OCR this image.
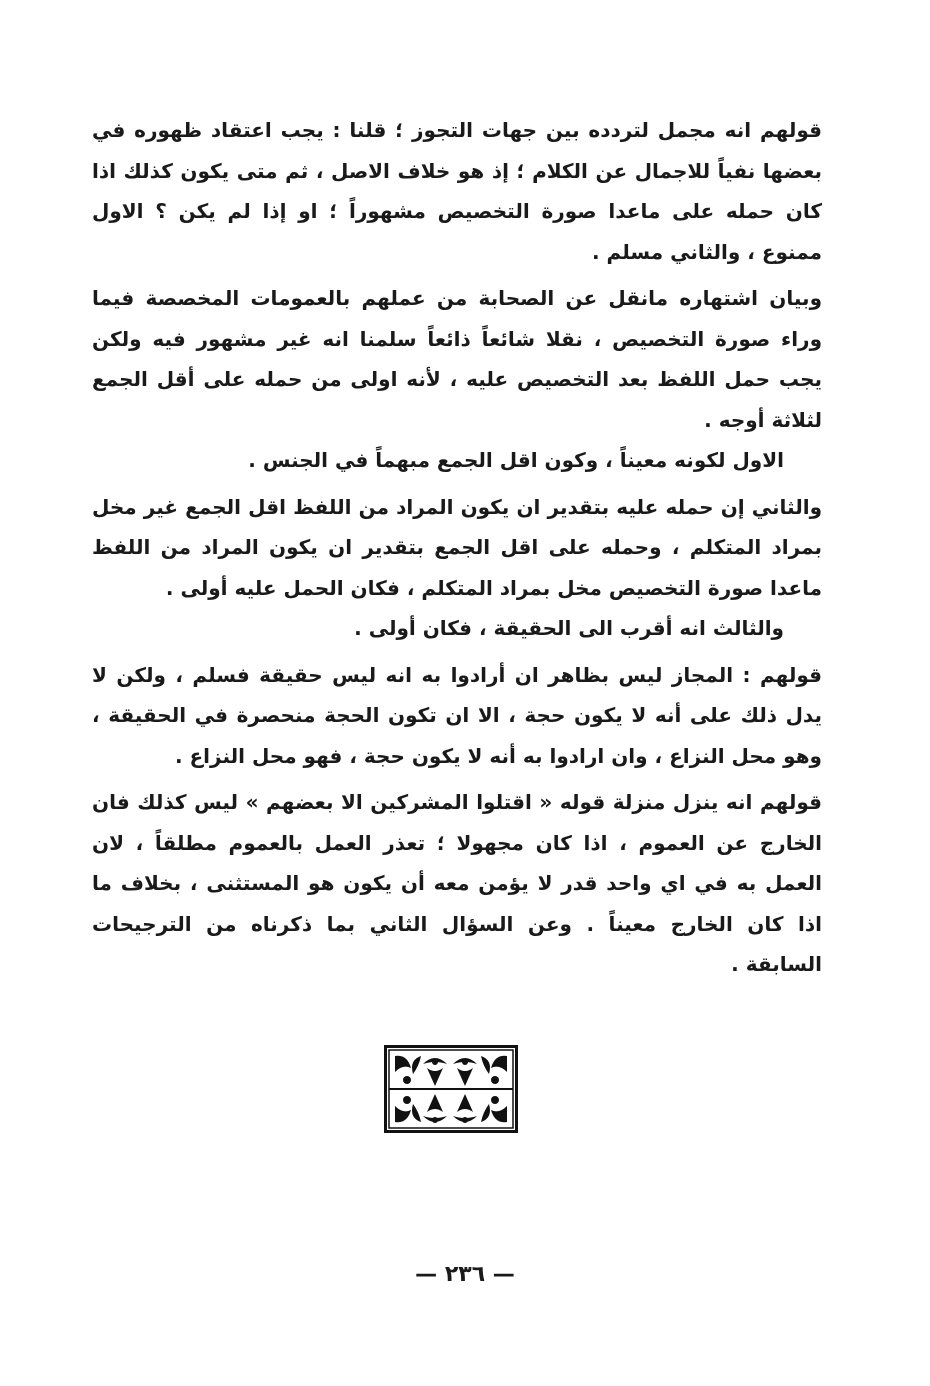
قولهم انه مجمل لتردده بين جهات التجوز ؛ قلنا : يجب اعتقاد ظهوره في بعضها نفياً للاجمال عن الكلام ؛ إذ هو خلاف الاصل ، ثم متى يكون كذلك اذا كان حمله على ماعدا صورة التخصيص مشهوراً ؛ او إذا لم يكن ؟ الاول ممنوع ، والثاني مسلم .

وبيان اشتهاره مانقل عن الصحابة من عملهم بالعمومات المخصصة فيما وراء صورة التخصيص ، نقلا شائعاً ذائعاً سلمنا انه غير مشهور فيه ولكن يجب حمل اللفظ بعد التخصيص عليه ، لأنه اولى من حمله على أقل الجمع لثلاثة أوجه .

الاول لكونه معيناً ، وكون اقل الجمع مبهماً في الجنس .

والثاني إن حمله عليه بتقدير ان يكون المراد من اللفظ اقل الجمع غير مخل بمراد المتكلم ، وحمله على اقل الجمع بتقدير ان يكون المراد من اللفظ ماعدا صورة التخصيص مخل بمراد المتكلم ، فكان الحمل عليه أولى .

والثالث انه أقرب الى الحقيقة ، فكان أولى .

قولهم : المجاز ليس بظاهر ان أرادوا به انه ليس حقيقة فسلم ، ولكن لا يدل ذلك على أنه لا يكون حجة ، الا ان تكون الحجة منحصرة في الحقيقة ، وهو محل النزاع ، وان ارادوا به أنه لا يكون حجة ، فهو محل النزاع .

قولهم انه ينزل منزلة قوله « اقتلوا المشركين الا بعضهم » ليس كذلك فان الخارج عن العموم ، اذا كان مجهولا ؛ تعذر العمل بالعموم مطلقاً ، لان العمل به في اي واحد قدر لا يؤمن معه أن يكون هو المستثنى ، بخلاف ما اذا كان الخارج معيناً . وعن السؤال الثاني بما ذكرناه من الترجيحات السابقة .

— ٢٣٦ —
